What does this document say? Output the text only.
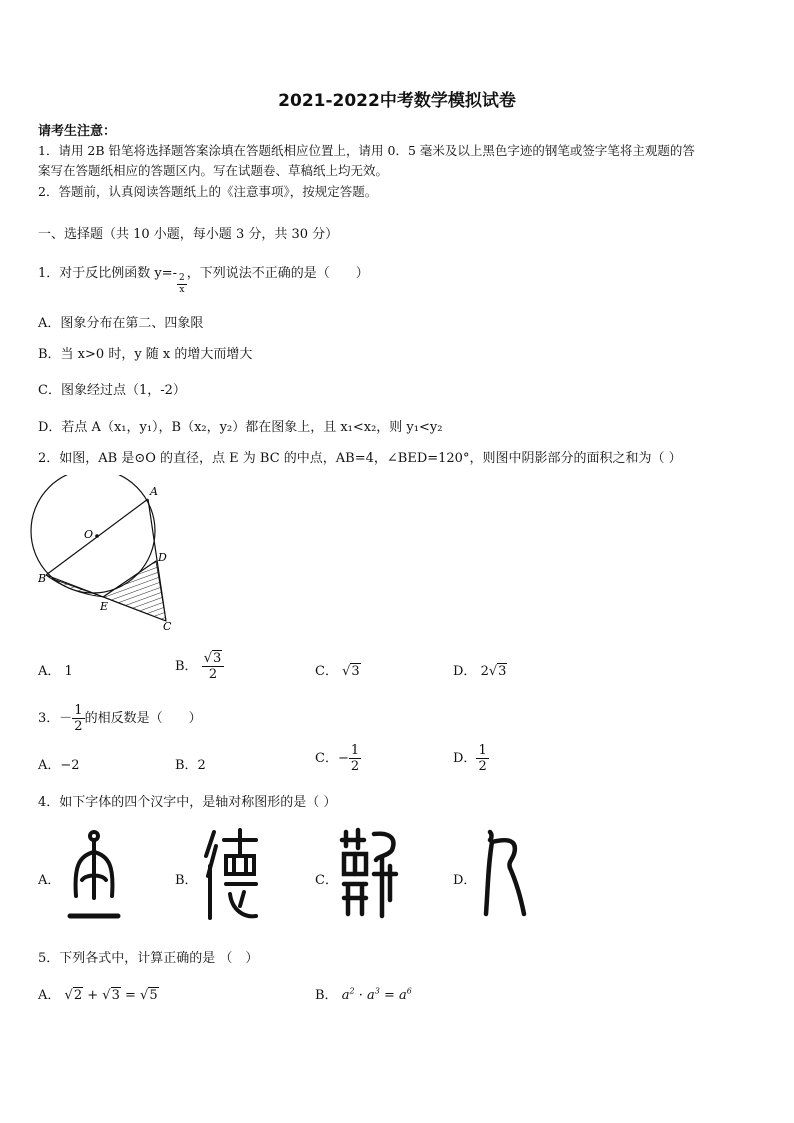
2021-2022中考数学模拟试卷
请考生注意：
1．请用 2B 铅笔将选择题答案涂填在答题纸相应位置上，请用 0．5 毫米及以上黑色字迹的钢笔或签字笔将主观题的答
案写在答题纸相应的答题区内。写在试题卷、草稿纸上均无效。
2．答题前，认真阅读答题纸上的《注意事项》，按规定答题。
一、选择题（共 10 小题，每小题 3 分，共 30 分）
1．对于反比例函数 y=-
$\frac{2}{x}$
，下列说法不正确的是（　　）
A．图象分布在第二、四象限
B．当 x>0 时，y 随 x 的增大而增大
C．图象经过点（1，-2）
D．若点 A（x₁，y₁），B（x₂，y₂）都在图象上，且 x₁<x₂，则 y₁<y₂
2．如图，AB 是⊙O 的直径，点 E 为 BC 的中点，AB=4，∠BED=120°，则图中阴影部分的面积之和为（ ）
A
O
D
B
E
C
A． 1	B． $\frac{√3}{2}$	C． √3	D． 2√3
3．－ $\frac{1}{2}$ 的相反数是（　　）
A．−2	B．2	C．− $\frac{1}{2}$	D． $\frac{1}{2}$
4．如下字体的四个汉字中，是轴对称图形的是（ ）
A．	B．	C．	D．
5．下列各式中，计算正确的是 （　）
A． √2 + √3 = √5	B． $a^2 \cdot a^3 = a^6$
